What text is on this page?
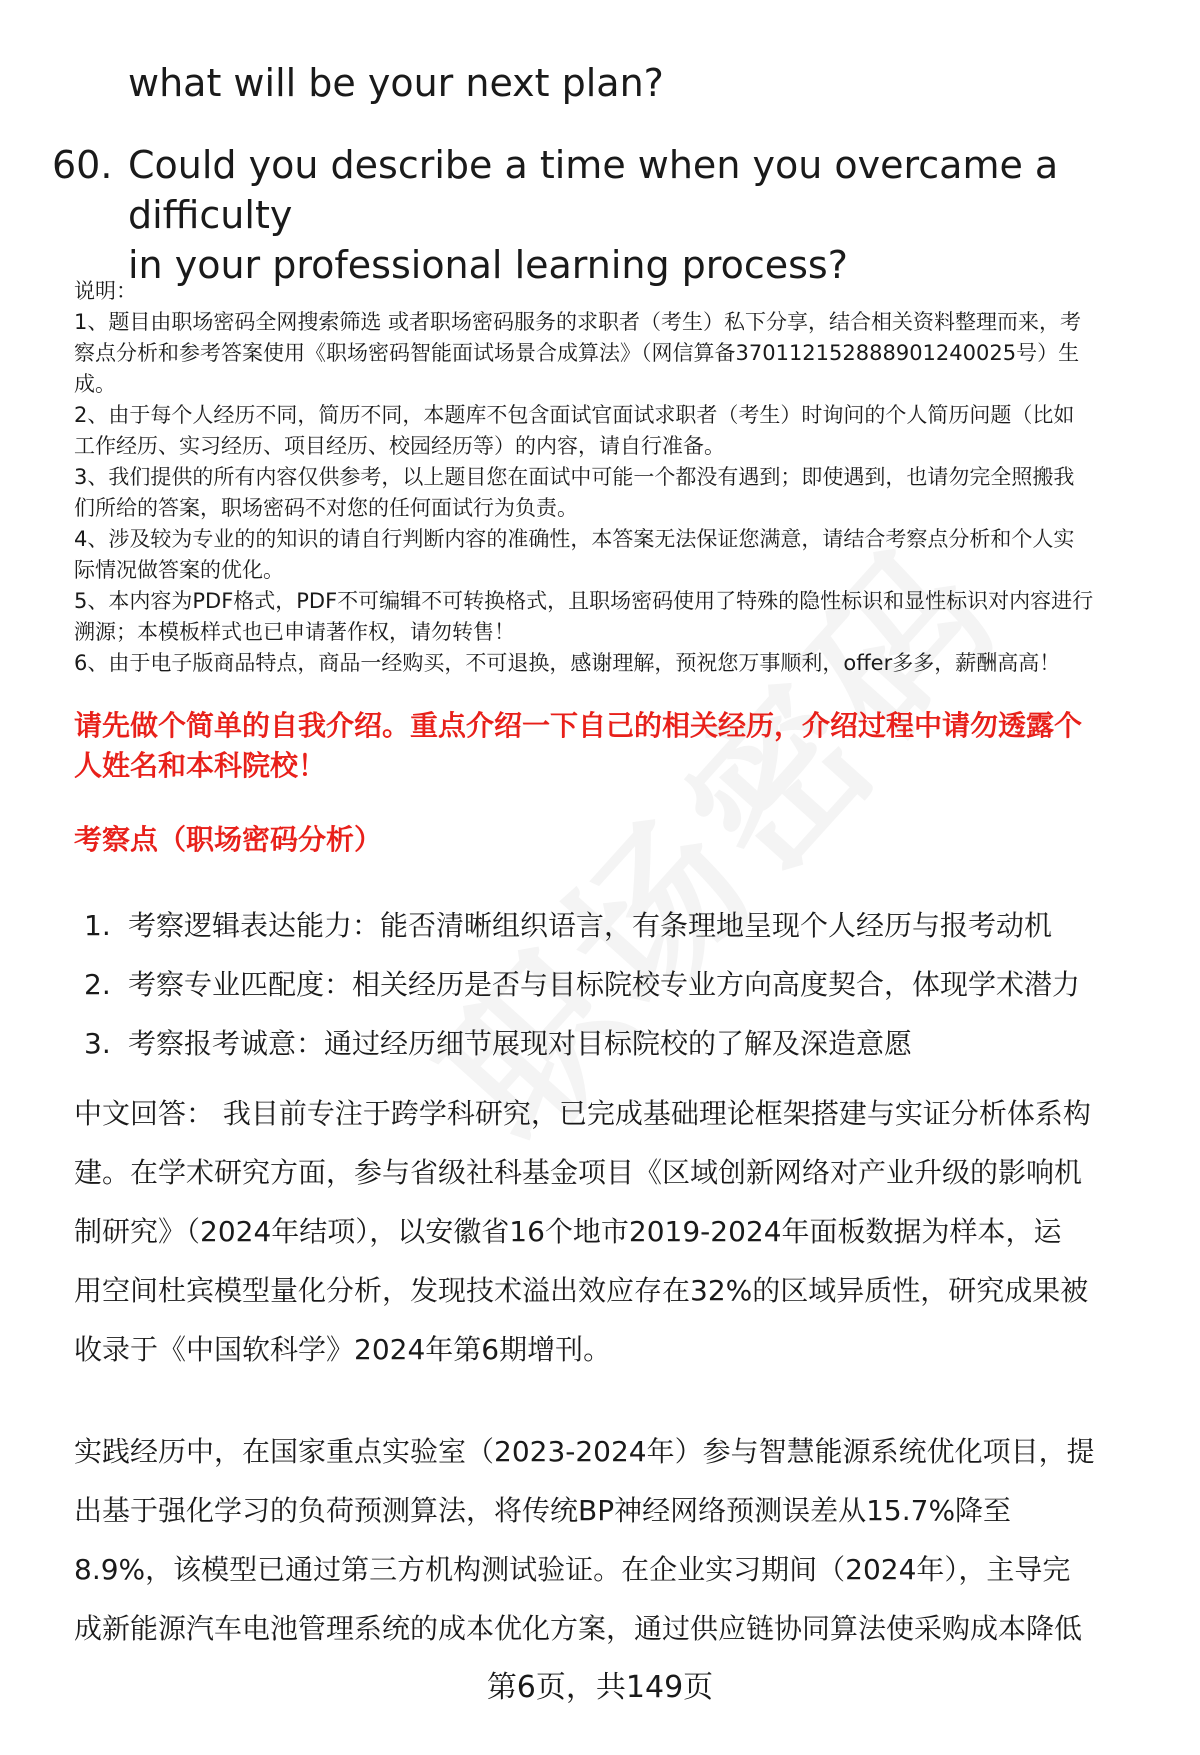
what will be your next plan?
60. Could you describe a time when you overcame a difficulty
in your professional learning process?
说明：
1、题目由职场密码全网搜索筛选 或者职场密码服务的求职者（考生）私下分享，结合相关资料整理而来，考
察点分析和参考答案使用《职场密码智能面试场景合成算法》（网信算备370112152888901240025号）生
成。
2、由于每个人经历不同，简历不同，本题库不包含面试官面试求职者（考生）时询问的个人简历问题（比如
工作经历、实习经历、项目经历、校园经历等）的内容，请自行准备。
3、我们提供的所有内容仅供参考，以上题目您在面试中可能一个都没有遇到；即使遇到，也请勿完全照搬我
们所给的答案，职场密码不对您的任何面试行为负责。
4、涉及较为专业的的知识的请自行判断内容的准确性，本答案无法保证您满意，请结合考察点分析和个人实
际情况做答案的优化。
5、本内容为PDF格式，PDF不可编辑不可转换格式，且职场密码使用了特殊的隐性标识和显性标识对内容进行
溯源；本模板样式也已申请著作权，请勿转售！
6、由于电子版商品特点，商品一经购买，不可退换，感谢理解，预祝您万事顺利，offer多多，薪酬高高！
请先做个简单的自我介绍。重点介绍一下自己的相关经历，介绍过程中请勿透露个
人姓名和本科院校！
考察点（职场密码分析）
1. 考察逻辑表达能力：能否清晰组织语言，有条理地呈现个人经历与报考动机
2. 考察专业匹配度：相关经历是否与目标院校专业方向高度契合，体现学术潜力
3. 考察报考诚意：通过经历细节展现对目标院校的了解及深造意愿
中文回答： 我目前专注于跨学科研究，已完成基础理论框架搭建与实证分析体系构
建。在学术研究方面，参与省级社科基金项目《区域创新网络对产业升级的影响机
制研究》（2024年结项），以安徽省16个地市2019-2024年面板数据为样本，运
用空间杜宾模型量化分析，发现技术溢出效应存在32%的区域异质性，研究成果被
收录于《中国软科学》2024年第6期增刊。
实践经历中，在国家重点实验室（2023-2024年）参与智慧能源系统优化项目，提
出基于强化学习的负荷预测算法，将传统BP神经网络预测误差从15.7%降至
8.9%，该模型已通过第三方机构测试验证。在企业实习期间（2024年），主导完
成新能源汽车电池管理系统的成本优化方案，通过供应链协同算法使采购成本降低
第6页，共149页
